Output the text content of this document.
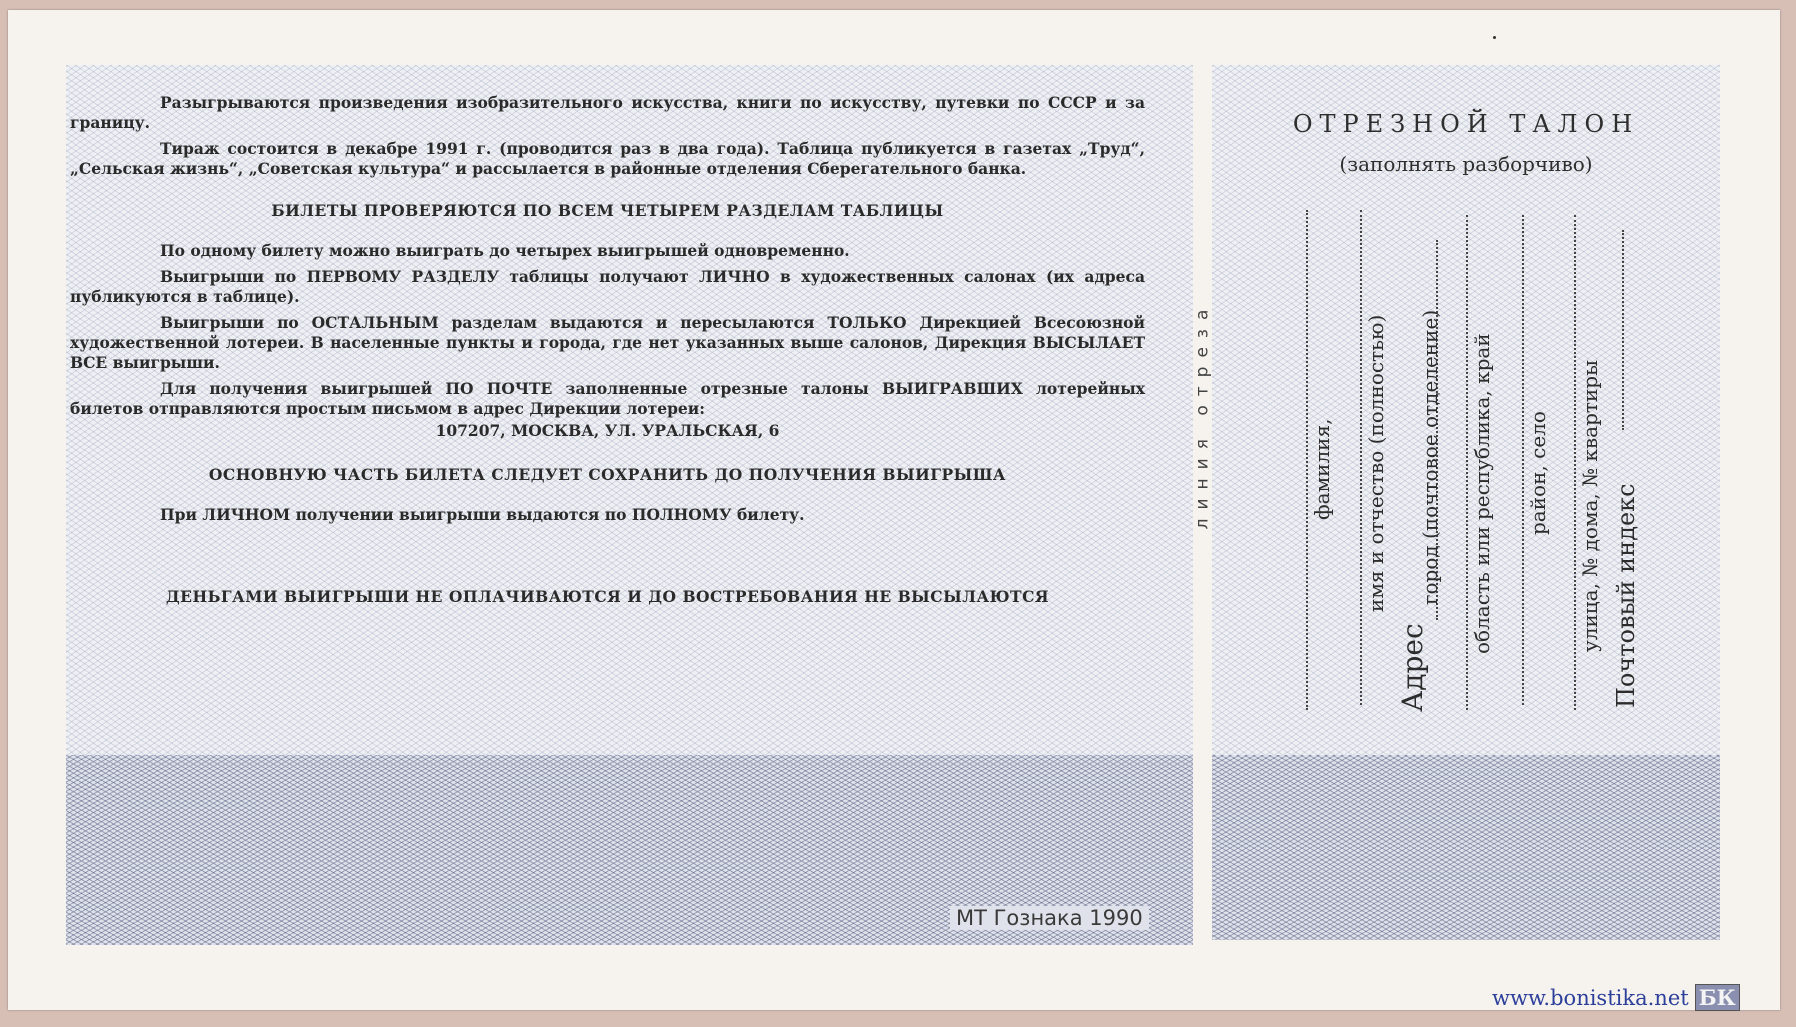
Разыгрываются произведения изобразительного искусства, книги по искусству, путевки по СССР и за границу.

Тираж состоится в декабре 1991 г. (проводится раз в два года). Таблица публикуется в газетах „Труд“, „Сельская жизнь“, „Советская культура“ и рассылается в районные отделения Сберегательного банка.

БИЛЕТЫ ПРОВЕРЯЮТСЯ ПО ВСЕМ ЧЕТЫРЕМ РАЗДЕЛАМ ТАБЛИЦЫ

По одному билету можно выиграть до четырех выигрышей одновременно.

Выигрыши по ПЕРВОМУ РАЗДЕЛУ таблицы получают ЛИЧНО в художественных салонах (их адреса публикуются в таблице).

Выигрыши по ОСТАЛЬНЫМ разделам выдаются и пересылаются ТОЛЬКО Дирекцией Всесоюзной художественной лотереи. В населенные пункты и города, где нет указанных выше салонов, Дирекция ВЫСЫЛАЕТ ВСЕ выигрыши.

Для получения выигрышей ПО ПОЧТЕ заполненные отрезные талоны ВЫИГРАВШИХ лотерейных билетов отправляются простым письмом в адрес Дирекции лотереи:

107207, МОСКВА, УЛ. УРАЛЬСКАЯ, 6

ОСНОВНУЮ ЧАСТЬ БИЛЕТА СЛЕДУЕТ СОХРАНИТЬ ДО ПОЛУЧЕНИЯ ВЫИГРЫША

При ЛИЧНОМ получении выигрыши выдаются по ПОЛНОМУ билету.

ДЕНЬГАМИ ВЫИГРЫШИ НЕ ОПЛАЧИВАЮТСЯ И ДО ВОСТРЕБОВАНИЯ НЕ ВЫСЫЛАЮТСЯ

линия отреза
ОТРЕЗНОЙ ТАЛОН
(заполнять разборчиво)
фамилия, имя и отчество (полностью)
Адрес
город (почтовое отделение) область или республика, край район, село улица, № дома, № квартиры Почтовый индекс
МТ Гознака 1990
www.bonistika.net БК
